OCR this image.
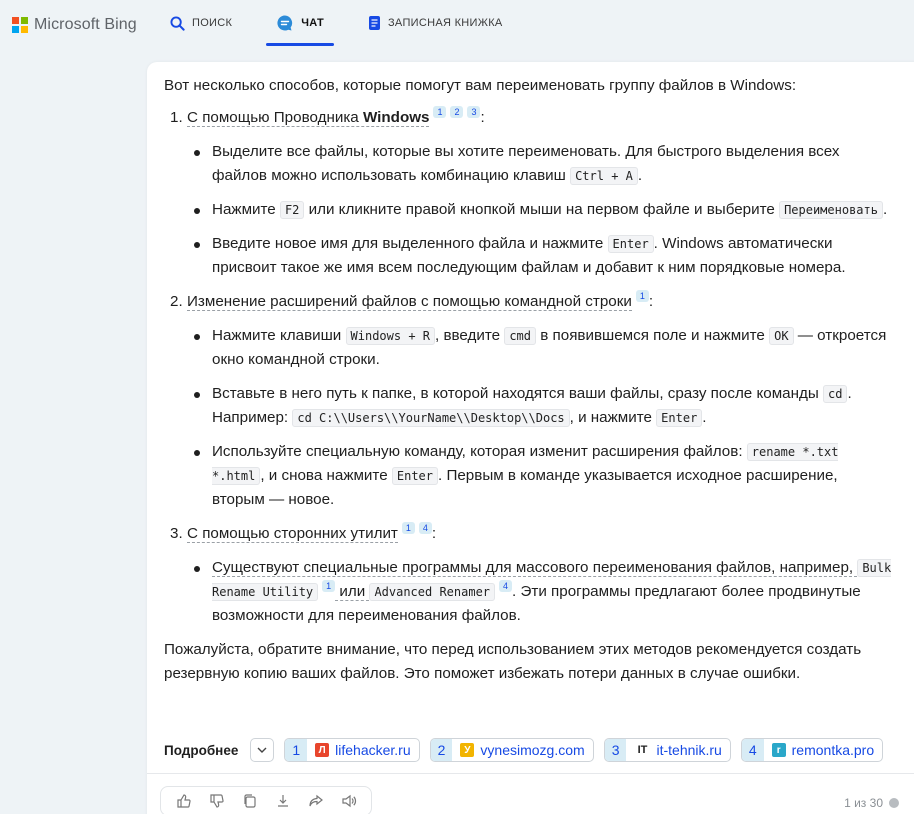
Microsoft Bing	ПОИСК	ЧАТ	ЗАПИСНАЯ КНИЖКА

Вот несколько способов, которые помогут вам переименовать группу файлов в Windows:

1. С помощью Проводника Windows $^1$ $^2$ $^3$ :
Выделите все файлы, которые вы хотите переименовать. Для быстрого выделения всех файлов можно использовать комбинацию клавиш Ctrl + A .
Нажмите F2 или кликните правой кнопкой мыши на первом файле и выберите Переименовать .
Введите новое имя для выделенного файла и нажмите Enter . Windows автоматически присвоит такое же имя всем последующим файлам и добавит к ним порядковые номера.
2. Изменение расширений файлов с помощью командной строки $^1$ :
Нажмите клавиши Windows + R , введите cmd в появившемся поле и нажмите OK — откроется окно командной строки.
Вставьте в него путь к папке, в которой находятся ваши файлы, сразу после команды cd . Например: cd C:\\Users\\YourName\\Desktop\\Docs , и нажмите Enter .
Используйте специальную команду, которая изменит расширения файлов: rename *.txt *.html , и снова нажмите Enter . Первым в команде указывается исходное расширение, вторым — новое.
3. С помощью сторонних утилит $^1$ $^4$ :
Существуют специальные программы для массового переименования файлов, например, Bulk Rename Utility $^1$ или Advanced Renamer $^4$ . Эти программы предлагают более продвинутые возможности для переименования файлов.

Пожалуйста, обратите внимание, что перед использованием этих методов рекомендуется создать резервную копию ваших файлов. Это поможет избежать потери данных в случае ошибки.

Подробнее	1	Л lifehacker.ru	2	У vynesimozg.com	3	IT it-tehnik.ru	4	r remontka.pro
1 из 30
